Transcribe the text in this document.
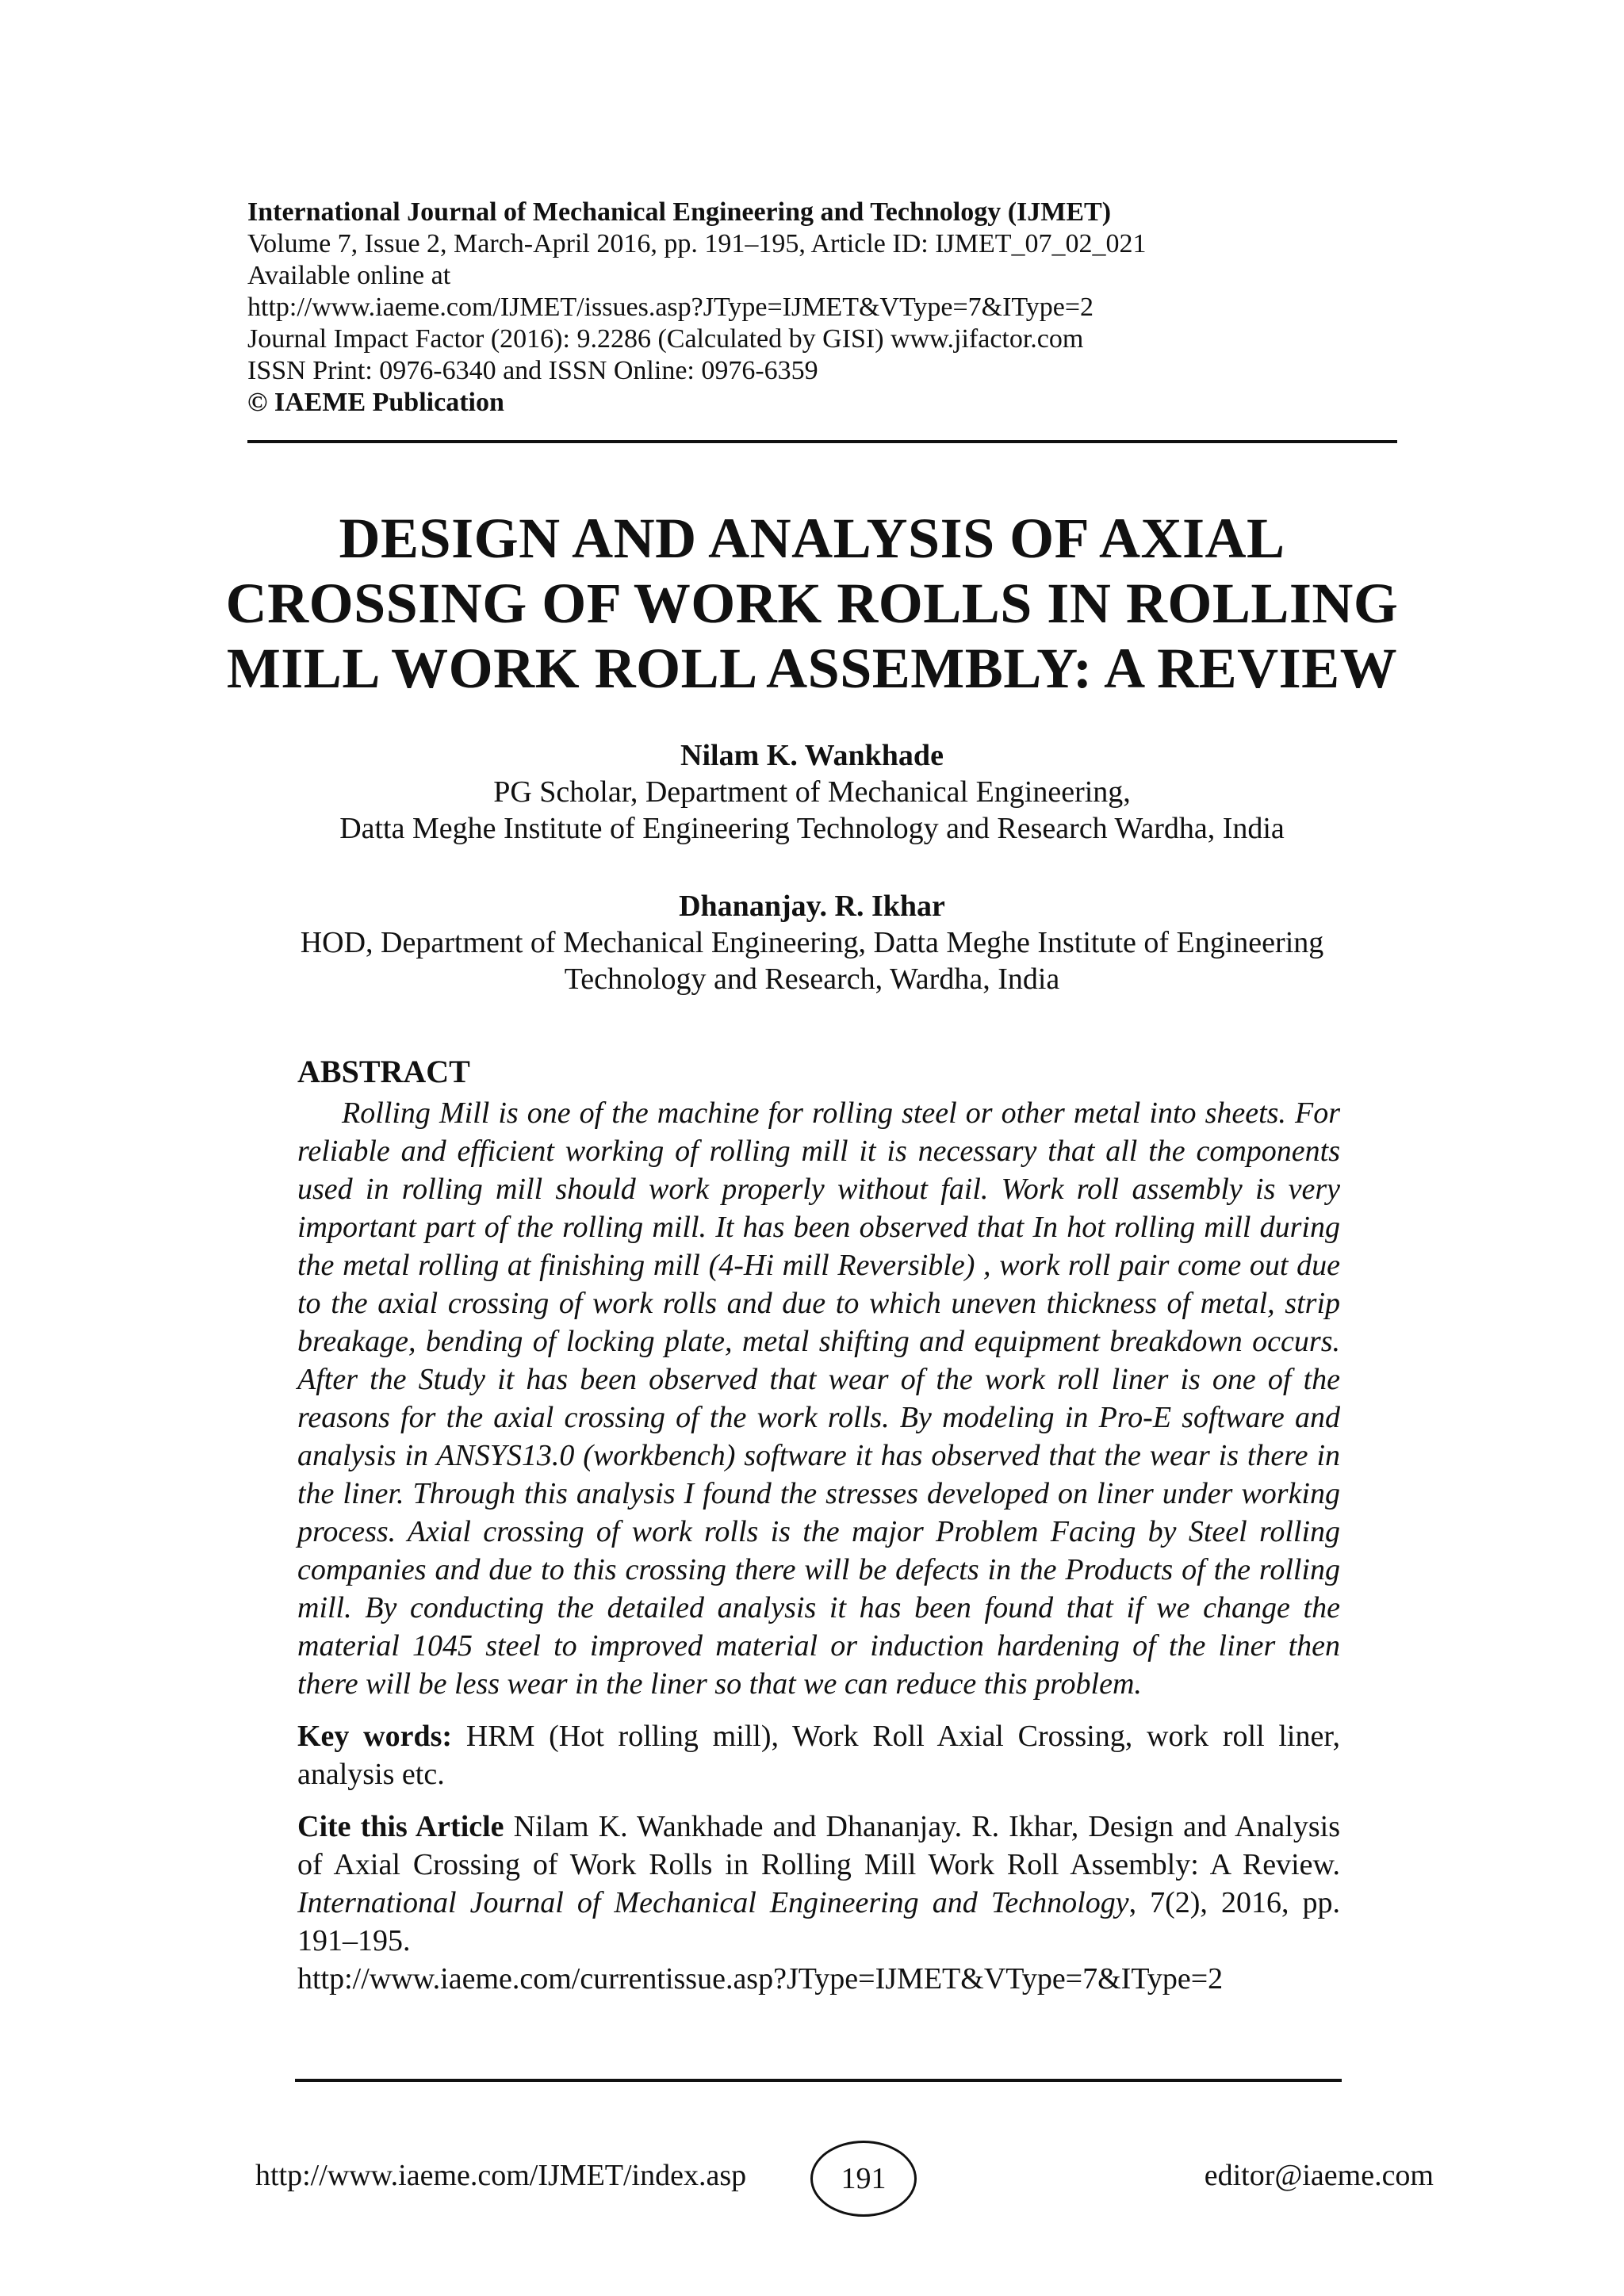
International Journal of Mechanical Engineering and Technology (IJMET)
Volume 7, Issue 2, March-April 2016, pp. 191–195, Article ID: IJMET_07_02_021
Available online at
http://www.iaeme.com/IJMET/issues.asp?JType=IJMET&VType=7&IType=2
Journal Impact Factor (2016): 9.2286 (Calculated by GISI) www.jifactor.com
ISSN Print: 0976-6340 and ISSN Online: 0976-6359
© IAEME Publication
DESIGN AND ANALYSIS OF AXIAL
CROSSING OF WORK ROLLS IN ROLLING
MILL WORK ROLL ASSEMBLY: A REVIEW
Nilam K. Wankhade
PG Scholar, Department of Mechanical Engineering,
Datta Meghe Institute of Engineering Technology and Research Wardha, India
Dhananjay. R. Ikhar
HOD, Department of Mechanical Engineering, Datta Meghe Institute of Engineering
Technology and Research, Wardha, India
ABSTRACT
Rolling Mill is one of the machine for rolling steel or other metal into sheets. For reliable and efficient working of rolling mill it is necessary that all the components used in rolling mill should work properly without fail. Work roll assembly is very important part of the rolling mill. It has been observed that In hot rolling mill during the metal rolling at finishing mill (4-Hi mill Reversible) , work roll pair come out due to the axial crossing of work rolls and due to which uneven thickness of metal, strip breakage, bending of locking plate, metal shifting and equipment breakdown occurs. After the Study it has been observed that wear of the work roll liner is one of the reasons for the axial crossing of the work rolls. By modeling in Pro-E software and analysis in ANSYS13.0 (workbench) software it has observed that the wear is there in the liner. Through this analysis I found the stresses developed on liner under working process. Axial crossing of work rolls is the major Problem Facing by Steel rolling companies and due to this crossing there will be defects in the Products of the rolling mill. By conducting the detailed analysis it has been found that if we change the material 1045 steel to improved material or induction hardening of the liner then there will be less wear in the liner so that we can reduce this problem.
Key words: HRM (Hot rolling mill), Work Roll Axial Crossing, work roll liner, analysis etc.
Cite this Article Nilam K. Wankhade and Dhananjay. R. Ikhar, Design and Analysis of Axial Crossing of Work Rolls in Rolling Mill Work Roll Assembly: A Review. International Journal of Mechanical Engineering and Technology, 7(2), 2016, pp. 191–195.
http://www.iaeme.com/currentissue.asp?JType=IJMET&VType=7&IType=2
http://www.iaeme.com/IJMET/index.asp	191	editor@iaeme.com
